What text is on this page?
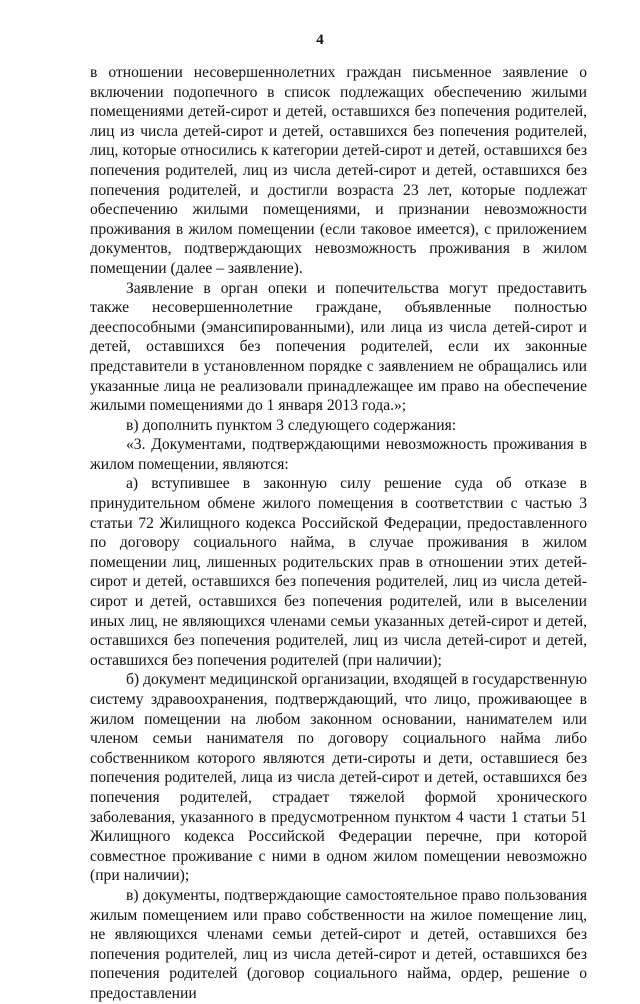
4

в отношении несовершеннолетних граждан письменное заявление о включении подопечного в список подлежащих обеспечению жилыми помещениями детей-сирот и детей, оставшихся без попечения родителей, лиц из числа детей-сирот и детей, оставшихся без попечения родителей, лиц, которые относились к категории детей-сирот и детей, оставшихся без попечения родителей, лиц из числа детей-сирот и детей, оставшихся без попечения родителей, и достигли возраста 23 лет, которые подлежат обеспечению жилыми помещениями, и признании невозможности проживания в жилом помещении (если таковое имеется), с приложением документов, подтверждающих невозможность проживания в жилом помещении (далее – заявление).

Заявление в орган опеки и попечительства могут предоставить также несовершеннолетние граждане, объявленные полностью дееспособными (эмансипированными), или лица из числа детей-сирот и детей, оставшихся без попечения родителей, если их законные представители в установленном порядке с заявлением не обращались или указанные лица не реализовали принадлежащее им право на обеспечение жилыми помещениями до 1 января 2013 года.»;

в) дополнить пунктом 3 следующего содержания:

«3. Документами, подтверждающими невозможность проживания в жилом помещении, являются:

а) вступившее в законную силу решение суда об отказе в принудительном обмене жилого помещения в соответствии с частью 3 статьи 72 Жилищного кодекса Российской Федерации, предоставленного по договору социального найма, в случае проживания в жилом помещении лиц, лишенных родительских прав в отношении этих детей-сирот и детей, оставшихся без попечения родителей, лиц из числа детей-сирот и детей, оставшихся без попечения родителей, или в выселении иных лиц, не являющихся членами семьи указанных детей-сирот и детей, оставшихся без попечения родителей, лиц из числа детей-сирот и детей, оставшихся без попечения родителей (при наличии);

б) документ медицинской организации, входящей в государственную систему здравоохранения, подтверждающий, что лицо, проживающее в жилом помещении на любом законном основании, нанимателем или членом семьи нанимателя по договору социального найма либо собственником которого являются дети-сироты и дети, оставшиеся без попечения родителей, лица из числа детей-сирот и детей, оставшихся без попечения родителей, страдает тяжелой формой хронического заболевания, указанного в предусмотренном пунктом 4 части 1 статьи 51 Жилищного кодекса Российской Федерации перечне, при которой совместное проживание с ними в одном жилом помещении невозможно (при наличии);

в) документы, подтверждающие самостоятельное право пользования жилым помещением или право собственности на жилое помещение лиц, не являющихся членами семьи детей-сирот и детей, оставшихся без попечения родителей, лиц из числа детей-сирот и детей, оставшихся без попечения родителей (договор социального найма, ордер, решение о предоставлении
